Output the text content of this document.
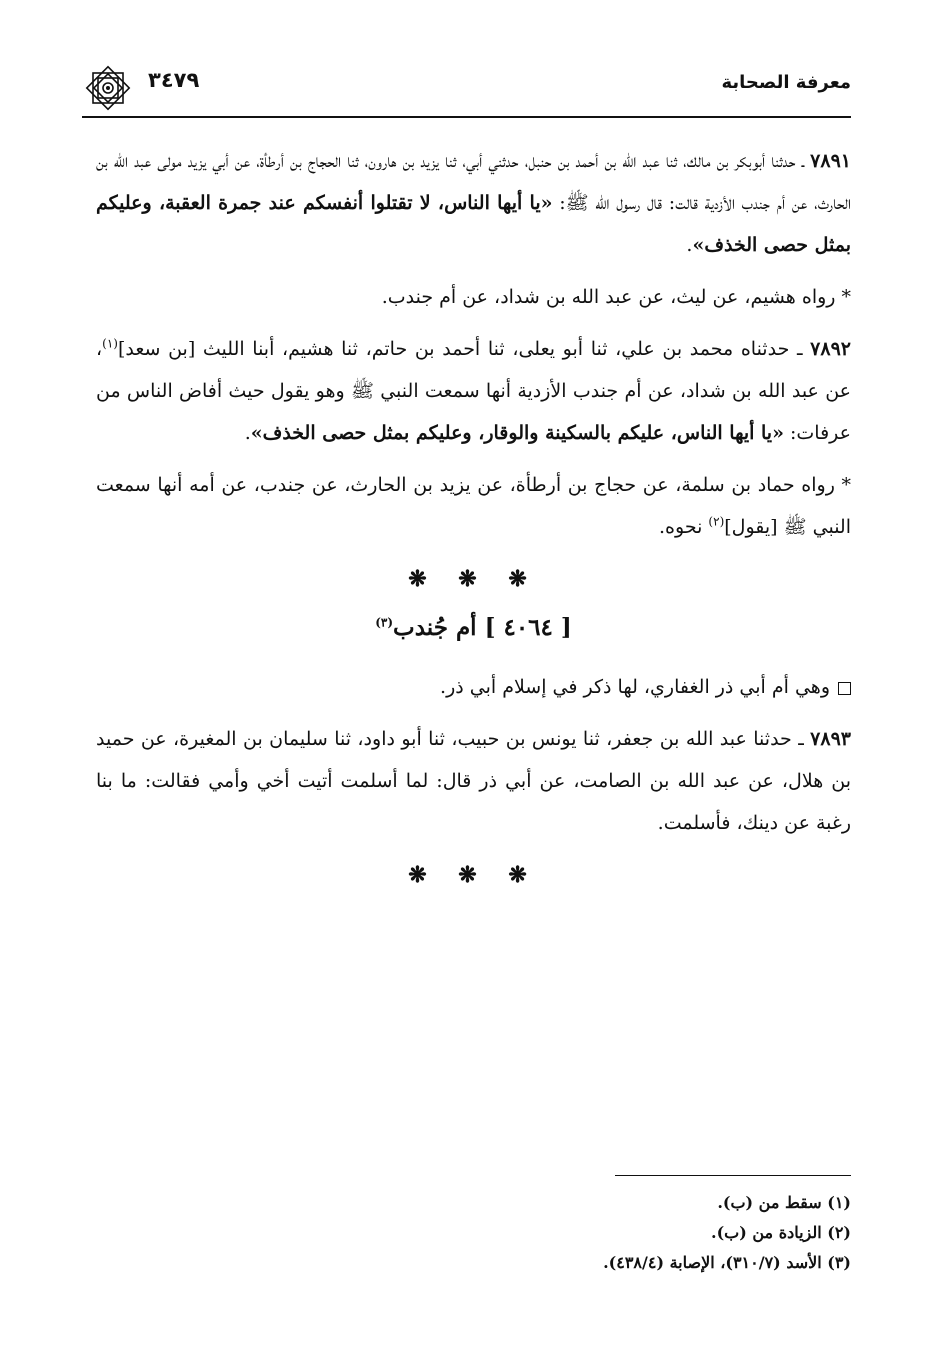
معرفة الصحابة
٣٤٧٩

٧٨٩١ ـ حدثنا أبوبكر بن مالك، ثنا عبد الله بن أحمد بن حنبل، حدثني أبي، ثنا يزيد بن هارون، ثنا الحجاج بن أرطأة، عن أبي يزيد مولى عبد الله بن الحارث، عن أم جندب الأزدية قالت: قال رسول الله ﷺ: «يا أيها الناس، لا تقتلوا أنفسكم عند جمرة العقبة، وعليكم بمثل حصى الخذف».

* رواه هشيم، عن ليث، عن عبد الله بن شداد، عن أم جندب.

٧٨٩٢ ـ حدثناه محمد بن علي، ثنا أبو يعلى، ثنا أحمد بن حاتم، ثنا هشيم، أبنا الليث [بن سعد]$^{(١)}$، عن عبد الله بن شداد، عن أم جندب الأزدية أنها سمعت النبي ﷺ وهو يقول حيث أفاض الناس من عرفات: «يا أيها الناس، عليكم بالسكينة والوقار، وعليكم بمثل حصى الخذف».

* رواه حماد بن سلمة، عن حجاج بن أرطأة، عن يزيد بن الحارث، عن جندب، عن أمه أنها سمعت النبي ﷺ [يقول]$^{(٢)}$ نحوه.

❋ ❋ ❋
[ ٤٠٦٤ ] أم جُندب$^{(٣)}$

وهي أم أبي ذر الغفاري، لها ذكر في إسلام أبي ذر.

٧٨٩٣ ـ حدثنا عبد الله بن جعفر، ثنا يونس بن حبيب، ثنا أبو داود، ثنا سليمان بن المغيرة، عن حميد بن هلال، عن عبد الله بن الصامت، عن أبي ذر قال: لما أسلمت أتيت أخي وأمي فقالت: ما بنا رغبة عن دينك، فأسلمت.

❋ ❋ ❋

(١) سقط من (ب).

(٢) الزيادة من (ب).

(٣) الأسد (٣١٠/٧)، الإصابة (٤٣٨/٤).
